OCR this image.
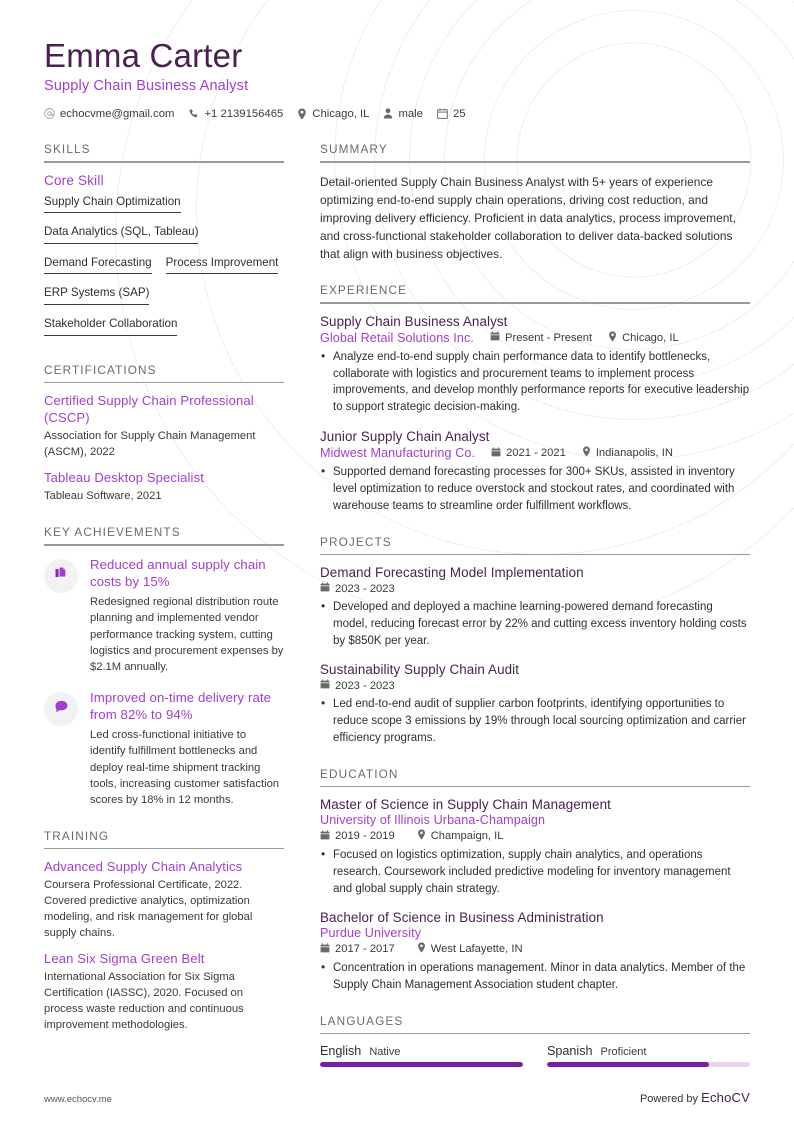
Emma Carter
Supply Chain Business Analyst
echocvme@gmail.com	+1 2139156465	Chicago, IL	male	25
SKILLS
Core Skill
Supply Chain Optimization
Data Analytics (SQL, Tableau)
Demand Forecasting Process Improvement
ERP Systems (SAP)
Stakeholder Collaboration
CERTIFICATIONS
Certified Supply Chain Professional (CSCP)
Association for Supply Chain Management (ASCM), 2022
Tableau Desktop Specialist
Tableau Software, 2021
KEY ACHIEVEMENTS
Reduced annual supply chain costs by 15%
Redesigned regional distribution route planning and implemented vendor performance tracking system, cutting logistics and procurement expenses by $2.1M annually.
Improved on-time delivery rate from 82% to 94%
Led cross-functional initiative to identify fulfillment bottlenecks and deploy real-time shipment tracking tools, increasing customer satisfaction scores by 18% in 12 months.
TRAINING
Advanced Supply Chain Analytics
Coursera Professional Certificate, 2022. Covered predictive analytics, optimization modeling, and risk management for global supply chains.
Lean Six Sigma Green Belt
International Association for Six Sigma Certification (IASSC), 2020. Focused on process waste reduction and continuous improvement methodologies.
SUMMARY
Detail-oriented Supply Chain Business Analyst with 5+ years of experience optimizing end-to-end supply chain operations, driving cost reduction, and improving delivery efficiency. Proficient in data analytics, process improvement, and cross-functional stakeholder collaboration to deliver data-backed solutions that align with business objectives.
EXPERIENCE
Supply Chain Business Analyst
Global Retail Solutions Inc.	Present - Present	Chicago, IL
• Analyze end-to-end supply chain performance data to identify bottlenecks, collaborate with logistics and procurement teams to implement process improvements, and develop monthly performance reports for executive leadership to support strategic decision-making.
Junior Supply Chain Analyst
Midwest Manufacturing Co.	2021 - 2021	Indianapolis, IN
• Supported demand forecasting processes for 300+ SKUs, assisted in inventory level optimization to reduce overstock and stockout rates, and coordinated with warehouse teams to streamline order fulfillment workflows.
PROJECTS
Demand Forecasting Model Implementation
2023 - 2023
• Developed and deployed a machine learning-powered demand forecasting model, reducing forecast error by 22% and cutting excess inventory holding costs by $850K per year.
Sustainability Supply Chain Audit
2023 - 2023
• Led end-to-end audit of supplier carbon footprints, identifying opportunities to reduce scope 3 emissions by 19% through local sourcing optimization and carrier efficiency programs.
EDUCATION
Master of Science in Supply Chain Management
University of Illinois Urbana-Champaign
2019 - 2019	Champaign, IL
• Focused on logistics optimization, supply chain analytics, and operations research. Coursework included predictive modeling for inventory management and global supply chain strategy.
Bachelor of Science in Business Administration
Purdue University
2017 - 2017	West Lafayette, IN
• Concentration in operations management. Minor in data analytics. Member of the Supply Chain Management Association student chapter.
LANGUAGES
English Native	Spanish Proficient
www.echocv.me	Powered by EchoCV
